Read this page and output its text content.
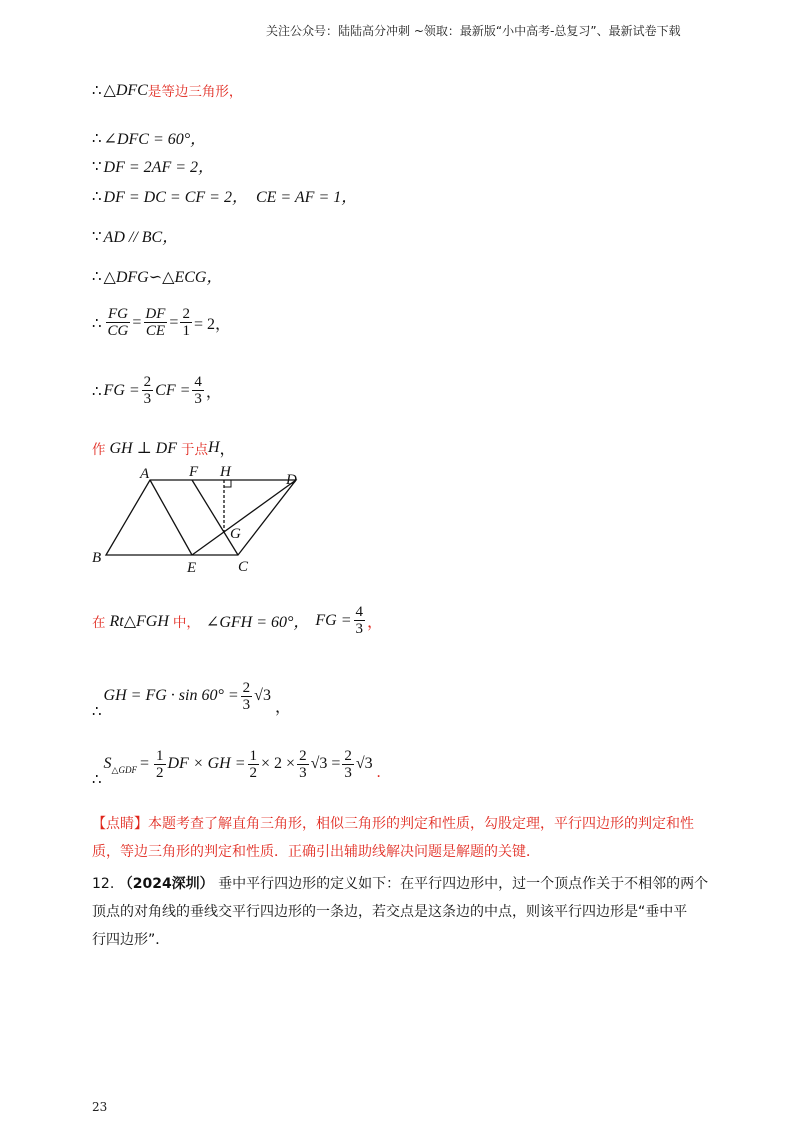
关注公众号：陆陆高分冲刺 ~领取：最新版“小中高考-总复习”、最新试卷下载
∴ △DFC 是等边三角形，
∴ ∠DFC = 60°，
∵ DF = 2AF = 2，
∴ DF = DC = CF = 2， CE = AF = 1，
∵ AD // BC，
∴ △DFG∽△ECG，
∴ $\frac{FG}{CG} = \frac{DF}{CE} = \frac{2}{1} = 2$，
∴ FG = $\frac{2}{3}$ CF = $\frac{4}{3}$ ，
作 GH ⊥ DF 于点 H ，
A	F H	D
B
E	C
G
在 Rt△FGH 中， ∠GFH = 60°， FG = $\frac{4}{3}$ ，
∴
GH = FG · $\sin 60^\circ = \frac{2}{3} √3$
，
∴
S △GDF = $\frac{1}{2}$ DF × GH = $\frac{1}{2} \times 2 \times \frac{2}{3} √3 = \frac{2}{3} √3$
.
【点睛】本题考查了解直角三角形，相似三角形的判定和性质，勾股定理，平行四边形的判定和性
质，等边三角形的判定和性质．正确引出辅助线解决问题是解题的关键．
12. （2024深圳） 垂中平行四边形的定义如下：在平行四边形中，过一个顶点作关于不相邻的两个
顶点的对角线的垂线交平行四边形的一条边，若交点是这条边的中点，则该平行四边形是“垂中平
行四边形”．
23
